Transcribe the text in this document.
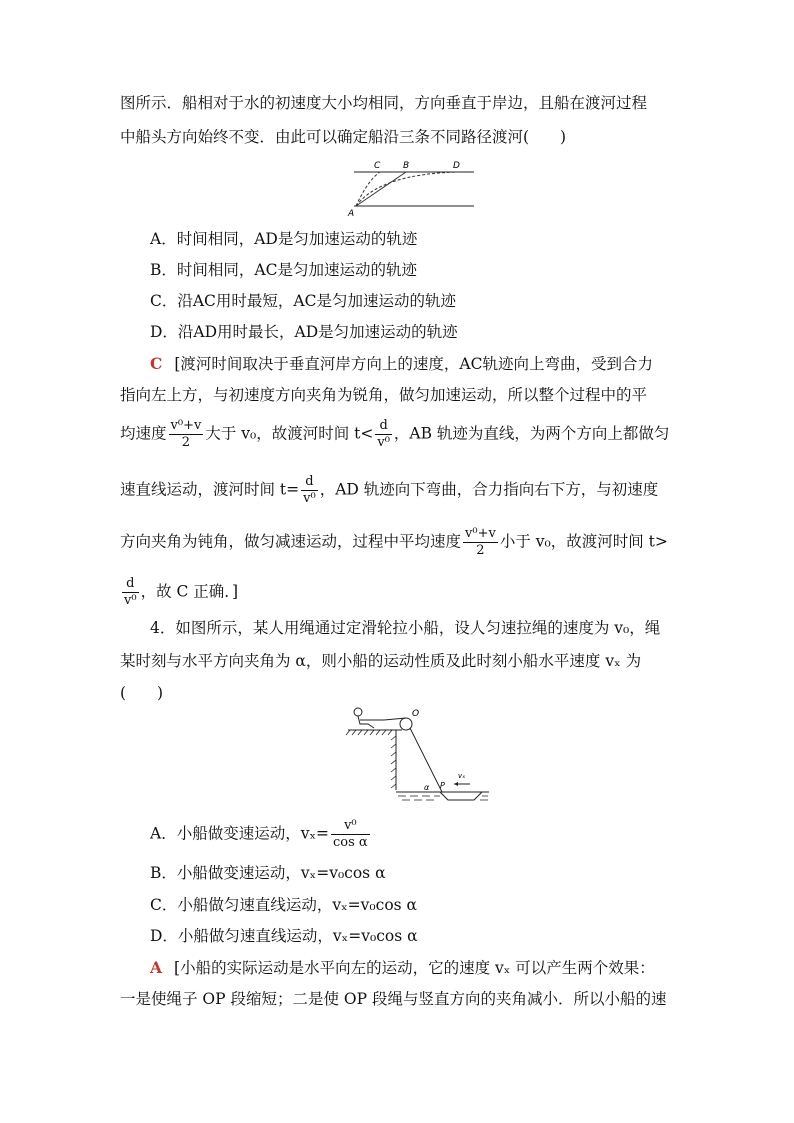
图所示．船相对于水的初速度大小均相同，方向垂直于岸边，且船在渡河过程
中船头方向始终不变．由此可以确定船沿三条不同路径渡河(　　)
C	B	D
A
A．时间相同，AD是匀加速运动的轨迹
B．时间相同，AC是匀加速运动的轨迹
C．沿AC用时最短，AC是匀加速运动的轨迹
D．沿AD用时最长，AD是匀加速运动的轨迹
C [渡河时间取决于垂直河岸方向上的速度，AC轨迹向上弯曲，受到合力
指向左上方，与初速度方向夹角为锐角，做匀加速运动，所以整个过程中的平
均速度 $\frac{\text{v⁰+v}}{2}$ 大于 v₀，故渡河时间 $t< \frac{d}{\text{v⁰}}$ ，AB 轨迹为直线，为两个方向上都做匀
速直线运动，渡河时间 $t= \frac{d}{\text{v⁰}}$ ，AD 轨迹向下弯曲，合力指向右下方，与初速度
方向夹角为钝角，做匀减速运动，过程中平均速度 $\frac{\text{v⁰+v}}{2}$ 小于 v₀，故渡河时间 t>
$\frac{d}{\text{v⁰}}$ ，故 C 正确．]
4．如图所示，某人用绳通过定滑轮拉小船，设人匀速拉绳的速度为 v₀，绳
某时刻与水平方向夹角为 α，则小船的运动性质及此时刻小船水平速度 vₓ 为
(　　)
O
α P
vₓ
A．小船做变速运动，$v_x= \frac{\text{v⁰}}{\text{cos α}}$
B．小船做变速运动，vₓ=v₀cos α
C．小船做匀速直线运动，vₓ=v₀cos α
D．小船做匀速直线运动，vₓ=v₀cos α
A [小船的实际运动是水平向左的运动，它的速度 vₓ 可以产生两个效果：
一是使绳子 OP 段缩短；二是使 OP 段绳与竖直方向的夹角减小．所以小船的速
